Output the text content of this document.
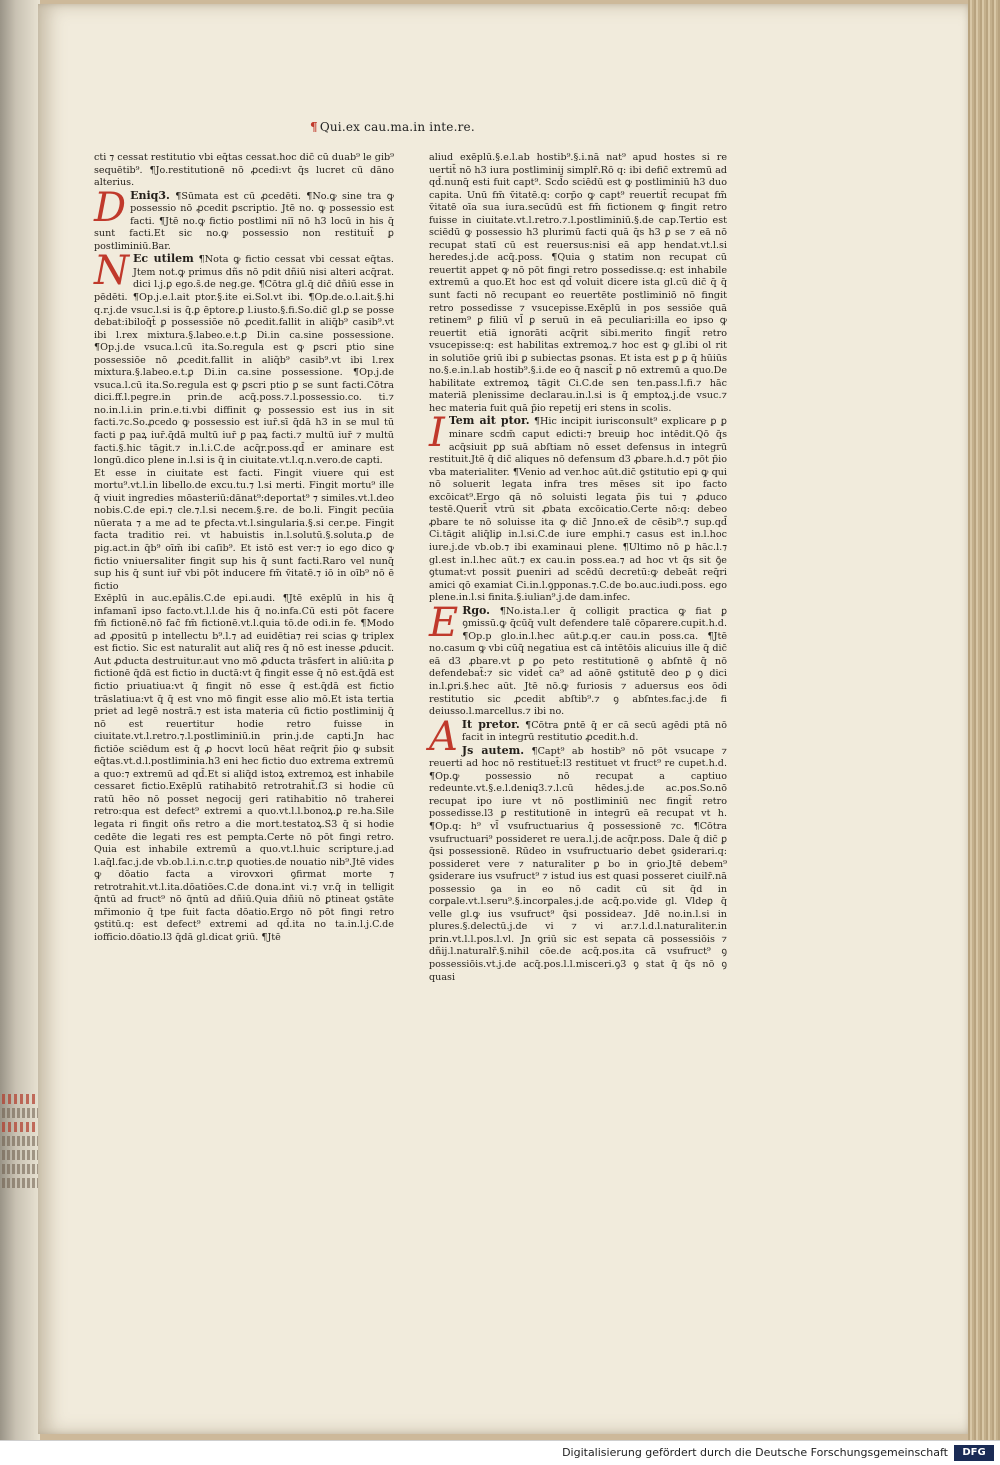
¶ Qui.ex cau.ma.in inte.re.

cti ⁊ cessat restitutio vbi eq̄tas cessat.hoc dic̄ cū duab⁹ le gib⁹ sequētib⁹. ¶Jo.restitutionē nō ꝓcedi:vt q̄s lucret cū dāno alterius.

D Eniq3. ¶Sūmata est cū ꝓcedēti. ¶No.ꝙ sine tra ꝙ possessio nō ꝓcedit ꝑscriptio. Jtē no. ꝙ possessio est facti. ¶Jtē no.ꝙ fictio postlimi niī nō h3 locū in his q̄ sunt facti.Et sic no.ꝙ possessio non restituit̄ ꝑ postliminiū.Bar.

N Ec utilem ¶Nota ꝙ fictio cessat vbi cessat eq̄tas. Jtem not.ꝙ primus dñs nō pdit dñiū nisi alteri acq̄rat. dici l.j.ꝑ ego.s̄.de neg.ge. ¶Cōtra gl.q̄ dic̄ dñiū esse in pēdēti. ¶Op.j.e.l.ait ptor.§.ite ei.Sol.vt ibi. ¶Op.de.o.l.ait.§.hi q.r.j.de vsuc.l.si is q̄.ꝑ ēptore.ꝑ l.iusto.§.fi.So.dic̄ gl.ꝑ se posse debat:ibiloq̄t̄ ꝑ possessiōe nō ꝓcedit.fallit in aliq̄b⁹ casib⁹.vt ibi l.rex mixtura.§.labeo.e.t.ꝑ Di.in ca.sine possessione. ¶Op.j.de vsuca.l.cū ita.So.regula est ꝙ ꝑscri ptio sine possessiōe nō ꝓcedit.fallit in aliq̄b⁹ casib⁹.vt ibi l.rex mixtura.§.labeo.e.t.ꝑ Di.in ca.sine possessione. ¶Op.j.de vsuca.l.cū ita.So.regula est ꝙ ꝑscri ptio ꝑ se sunt facti.Cōtra dici.ff.l.pegre.in prin.de acq̄.poss.⁊.l.possessio.co. ti.⁊ no.in.l.i.in prin.e.ti.vbi diffinit ꝙ possessio est ius in sit facti.⁊c.So.ꝓcedo ꝙ possessio est iur̄.sī q̄dā h3 in se mul tū facti ꝑ paꝝ iur̄.q̄dā multū iur̄ ꝑ paꝝ facti.⁊ multū iur̄ ⁊ multū facti.§.hic tāgit.⁊ in.l.i.C.de acq̄r.poss.qd̄ er aminare est longū.dico plene in.l.si is q̄ in ciuitate.vt.l.q.n.vero.de capti.

Et esse in ciuitate est facti. Fingit viuere qui est mortu⁹.vt.l.in libello.de excu.tu.⁊ l.si merti. Fingit mortu⁹ ille q̄ viuit ingredies mōasteriū:dānat⁹:deportat⁹ ⁊ similes.vt.l.deo nobis.C.de epi.⁊ cle.⁊.l.si necem.§.re. de bo.li. Fingit pecūia nūerata ⁊ a me ad te ꝑfecta.vt.l.singularia.§.si cer.pe. Fingit facta traditio rei. vt habuistis in.l.solutū.§.soluta.ꝑ de pig.act.in q̄b⁹ oīm̄ ibi caſib⁹. Et istō est ver:⁊ io ego dico ꝙ fictio vniuersaliter fingit sup his q̄ sunt facti.Raro vel nunq̄ sup his q̄ sunt iur̄ vbi pōt inducere fm̄ v̄itatē.⁊ iō in oīb⁹ nō ē fictio

Exēplū in auc.epālis.C.de epi.audi. ¶Jtē exēplū in his q̄ infamanī ipso facto.vt.l.l.de his q̄ no.infa.Cū esti pōt facere fm̄ fictionē.nō fac̄ fm̄ fictionē.vt.l.quia tō.de odi.in fe. ¶Modo ad ꝓpositū p intellectu b⁹.l.⁊ ad euidētia⁊ rei scias ꝙ triplex est fictio. Sic est naturalit aut aliq̄ res q̄ nō est inesse ꝓducit. Aut ꝓducta destruitur.aut vno mō ꝓducta trāsfert in aliū:ita ꝑ fictionē q̄dā est fictio in ductā:vt q̄ fingit esse q̄ nō est.q̄dā est fictio priuatiua:vt q̄ fingit nō esse q̄ est.q̄dā est fictio trāslatiua:vt q̄ q̄ est vno mō fingit esse alio mō.Et ista tertia priet ad legē nostrā.⁊ est ista materia cū fictio postliminij q̄ nō est reuertitur hodie retro fuisse in ciuitate.vt.l.retro.⁊.l.postliminiū.in prin.j.de capti.Jn hac fictiōe sciēdum est q̄ ꝓ hocvt locū hēat req̄rit p̄io ꝙ subsit eq̄tas.vt.d.l.postliminia.h3 eni hec fictio duo extrema extremū a quo:⁊ extremū ad qd̄.Et si aliq̄d istoꝝ extremoꝝ est inhabile cessaret fictio.Exēplū ratihabitō retrotrahit̄.ſ3 si hodie cū ratū hēo nō posset negocij geri ratihabitio nō traherei retro:qua est defect⁹ extremi a quo.vt.l.l.bonoꝝ.ꝑ re.ha.Sile legata ri fingit oñs retro a die mort.testatoꝝ.S3 q̄ si hodie cedēte die legati res est pempta.Certe nō pōt fingi retro. Quia est inhabile extremū a quo.vt.l.huic scripture.j.ad l.aq̄l.fac.j.de vb.ob.l.i.n.c.tr.ꝑ quoties.de nouatio nib⁹.Jtē vides ꝙ dōatio facta a virovxori ꝯfirmat morte ⁊ retrotrahit.vt.l.ita.dōatiōes.C.de dona.int vi.⁊ vr.q̄ in telligit q̄ntū ad fruct⁹ nō q̄ntū ad dñiū.Quia dñiū nō ꝑtineat ꝯstāte mr̄imonio q̄ tpe fuit facta dōatio.Ergo nō pōt fingi retro ꝯstitū.q: est defect⁹ extremi ad qd̄.ita no ta.in.l.j.C.de iofficio.dōatio.l3 q̄dā gl.dicat ꝯriū. ¶Jtē

aliud exēplū.§.e.l.ab hostib⁹.§.i.nā nat⁹ apud hostes si re uertit̄ nō h3 iura postliminij simplr̄.Rō q: ibi defic̄ extremū ad qd̄.nunq̄ esti fuit capt⁹. Scd̄o sciēdū est ꝙ postliminiū h3 duo capita. Unū fm̄ v̄itatē.q: corp̄o ꝙ capt⁹ reuertit̄ recupat fm̄ v̄itatē oīa sua iura.secūdū est fm̄ fictionem ꝙ fingit retro fuisse in ciuitate.vt.l.retro.⁊.l.postliminiū.§.de cap.Tertio est sciēdū ꝙ possessio h3 plurimū facti quā q̄s h3 ꝑ se ⁊ eā nō recupat statī cū est reuersus:nisi eā app hendat.vt.l.si heredes.j.de acq̄.poss. ¶Quia ꝯ statim non recupat cū reuertit appet ꝙ nō pōt fingi retro possedisse.q: est inhabile extremū a quo.Et hoc est qd̄ voluit dicere ista gl.cū dic̄ q̄ q̄ sunt facti nō recupant eo reuertēte postliminiō nō fingit retro possedisse ⁊ vsucepisse.Exēplū in pos sessiōe quā retinem⁹ ꝑ filiū vl̄ ꝑ seruū in eā peculiari:illa eo ipso ꝙ reuertit etiā ignorāti acq̄rit sibi.merito fingit̄ retro vsucepisse:q: est habilitas extremoꝝ.⁊ hoc est ꝙ gl.ibi ol rit in solutiōe ꝯriū ibi ꝑ subiectas ꝑsonas. Et ista est ꝑ ꝑ q̄ hūiūs no.§.e.in.l.ab hostib⁹.§.i.de eo q̄ nascit̄ ꝑ nō extremū a quo.De habilitate extremoꝝ tāgit Ci.C.de sen ten.pass.l.fi.⁊ hāc materiā plenissime declarau.in.l.si is q̄ emptoꝝ.j.de vsuc.⁊ hec materia fuit quā p̄io repetij eri stens in scolis.

I Tem ait ptor. ¶Hic incipit iurisconsult⁹ explicare ꝑ ꝑ minare scdm̄ caput edicti:⁊ breuiꝑ hoc intēdit.Qō q̄s acq̄siuit ꝑꝑ suā abſtiam nō esset defensus in integrū restituit.Jtē q̄ dic̄ aliques nō defensum d3 ꝓbare.h.d.⁊ pōt p̄io vba materialiter. ¶Venio ad ver.hoc aūt.dic̄ ꝯstitutio epi ꝙ qui nō soluerit legata infra tres mēses sit ipo facto excōicat⁹.Ergo qā nō soluisti legata p̄is tui ⁊ ꝓduco testē.Querit̄ vtrū sit ꝓbata excōicatio.Certe nō:q: debeo ꝓbare te nō soluisse ita ꝙ dic̄ Jnno.ex̄ de cēsib⁹.⁊ sup.qd̄ Ci.tāgit aliq̄liꝑ in.l.si.C.de iure emphi.⁊ casus est in.l.hoc iure.j.de vb.ob.⁊ ibi examinaui plene. ¶Ultimo nō ꝑ hāc.l.⁊ gl.est in.l.hec aūt.⁊ ex cau.in poss.ea.⁊ ad hoc vt q̄s sit ꝯ̄e ꝯtumat:vt possit ꝑueniri ad scēdū decretū:ꝙ debeāt req̄ri amici qō examiat Ci.in.l.ꝯpponas.⁊.C.de bo.auc.iudi.poss. ego plene.in.l.si finita.§.iulian⁹.j.de dam.infec.

E Rgo. ¶No.ista.l.er q̄ colligit practica ꝙ fiat ꝑ ꝯmissū.ꝙ q̄cūq̄ vult defendere talē cōparere.cupit.h.d. ¶Op.p glo.in.l.hec aūt.ꝑ.q.er cau.in poss.ca. ¶Jtē no.casum ꝙ vbi cūq̄ negatiua est cā intētōis alicuius ille q̄ dic̄ eā d3 ꝓbare.vt ꝑ ꝑo peto restitutionē ꝯ abſntē q̄ nō defendebat̄:⁊ sic videt̄ ca⁹ ad aōnē ꝯstitutē deo ꝑ ꝯ dici in.l.ꝑri.§.hec aūt. Jtē nō.ꝙ furiosis ⁊ aduersus eos ōdi restitutio sic ꝓcedit abſtib⁹.⁊ ꝯ abſntes.fac.j.de fi deiusso.l.marcellus.⁊ ibi no.

A It pretor. ¶Cōtra ꝑntē q̄ er cā secū agēdi ptā nō facit in integrū restitutio ꝓcedit.h.d.

Js autem. ¶Capt⁹ ab hostib⁹ nō pōt vsucape ⁊ reuerti ad hoc nō restituet̄:l3 restituet vt fruct⁹ re cupet.h.d. ¶Op.ꝙ possessio nō recupat a captiuo redeunte.vt.§.e.l.deniq3.⁊.l.cū hēdes.j.de ac.pos.So.nō recupat ipo iure vt nō postliminiū nec fingit̄ retro possedisse.l3 ꝑ restitutionē in integrū eā recupat vt h. ¶Op.q: h⁹ vl̄ vsufructuarius q̄ possessionē ⁊c. ¶Cōtra vsufructuari⁹ possideret re uera.l.j.de acq̄r.poss. Dale q̄ dic̄ ꝑ q̄si possessionē. Rūdeo in vsufructuario debet ꝯsiderari.q: possideret vere ⁊ naturaliter ꝑ bo in ꝯrio.Jtē debem⁹ ꝯsiderare ius vsufruct⁹ ⁊ istud ius est quasi posseret ciuilr̄.nā possessio ꝯa in eo nō cadit cū sit q̄d in corꝑale.vt.l.seru⁹.§.incorꝑales.j.de acq̄.po.vide gl. Vldeꝑ q̄ velle gl.ꝙ ius vsufruct⁹ q̄si possidea⁊. Jdē no.in.l.si in plures.§.delectū.j.de vi ⁊ vi ar.⁊.l.d.l.naturaliter.in prin.vt.l.l.pos.l.vl. Jn ꝯriū sic est sepata cā possessiōis ⁊ dñij.l.naturalr̄.§.nihil cōe.de acq̄.pos.ita cā vsufruct⁹ ꝯ possessiōis.vt.j.de acq̄.pos.l.l.misceri.ꝯ3 ꝯ stat q̄ q̄s nō ꝯ quasi

Digitalisierung gefördert durch die Deutsche Forschungsgemeinschaft	DFG
